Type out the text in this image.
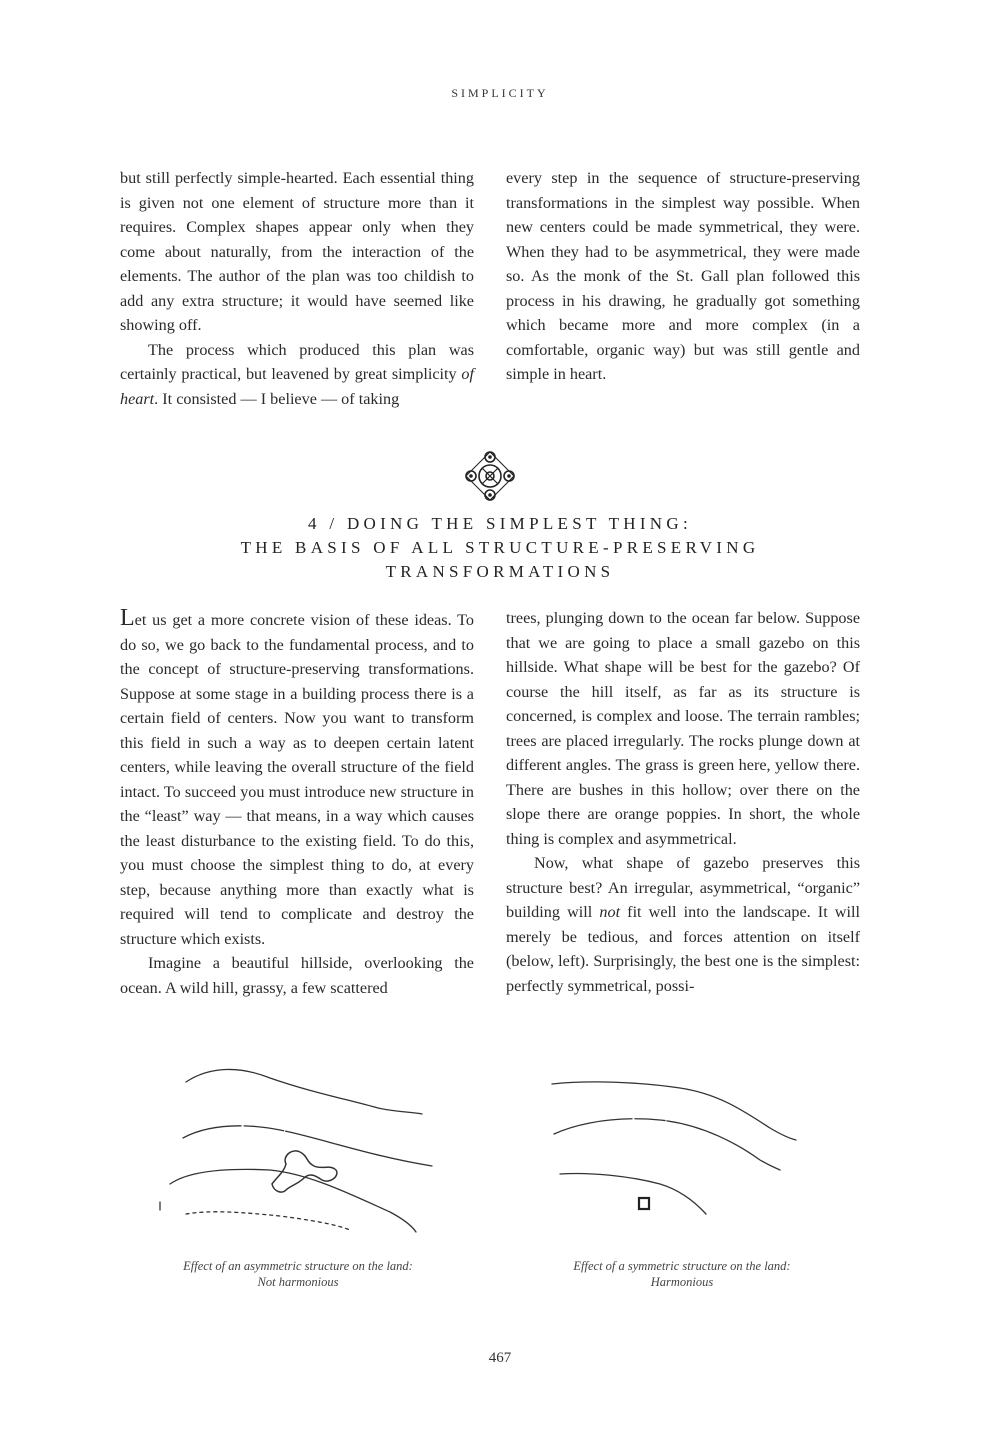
SIMPLICITY

but still perfectly simple-hearted. Each essential thing is given not one element of structure more than it requires. Complex shapes appear only when they come about naturally, from the interaction of the elements. The author of the plan was too childish to add any extra structure; it would have seemed like showing off.

The process which produced this plan was certainly practical, but leavened by great simplicity of heart. It consisted — I believe — of taking

every step in the sequence of structure-preserving transformations in the simplest way possible. When new centers could be made symmetrical, they were. When they had to be asymmetrical, they were made so. As the monk of the St. Gall plan followed this process in his drawing, he gradually got something which became more and more complex (in a comfortable, organic way) but was still gentle and simple in heart.

4 / DOING THE SIMPLEST THING:
THE BASIS OF ALL STRUCTURE-PRESERVING
TRANSFORMATIONS

Let us get a more concrete vision of these ideas. To do so, we go back to the fundamental process, and to the concept of structure-preserving transformations. Suppose at some stage in a building process there is a certain field of centers. Now you want to transform this field in such a way as to deepen certain latent centers, while leaving the overall structure of the field intact. To succeed you must introduce new structure in the “least” way — that means, in a way which causes the least disturbance to the existing field. To do this, you must choose the simplest thing to do, at every step, because anything more than exactly what is required will tend to complicate and destroy the structure which exists.

Imagine a beautiful hillside, overlooking the ocean. A wild hill, grassy, a few scattered

trees, plunging down to the ocean far below. Suppose that we are going to place a small gazebo on this hillside. What shape will be best for the gazebo? Of course the hill itself, as far as its structure is concerned, is complex and loose. The terrain rambles; trees are placed irregularly. The rocks plunge down at different angles. The grass is green here, yellow there. There are bushes in this hollow; over there on the slope there are orange poppies. In short, the whole thing is complex and asymmetrical.

Now, what shape of gazebo preserves this structure best? An irregular, asymmetrical, “organic” building will not fit well into the landscape. It will merely be tedious, and forces attention on itself (below, left). Surprisingly, the best one is the simplest: perfectly symmetrical, possi-

Effect of an asymmetric structure on the land:
Not harmonious
Effect of a symmetric structure on the land:
Harmonious
467
